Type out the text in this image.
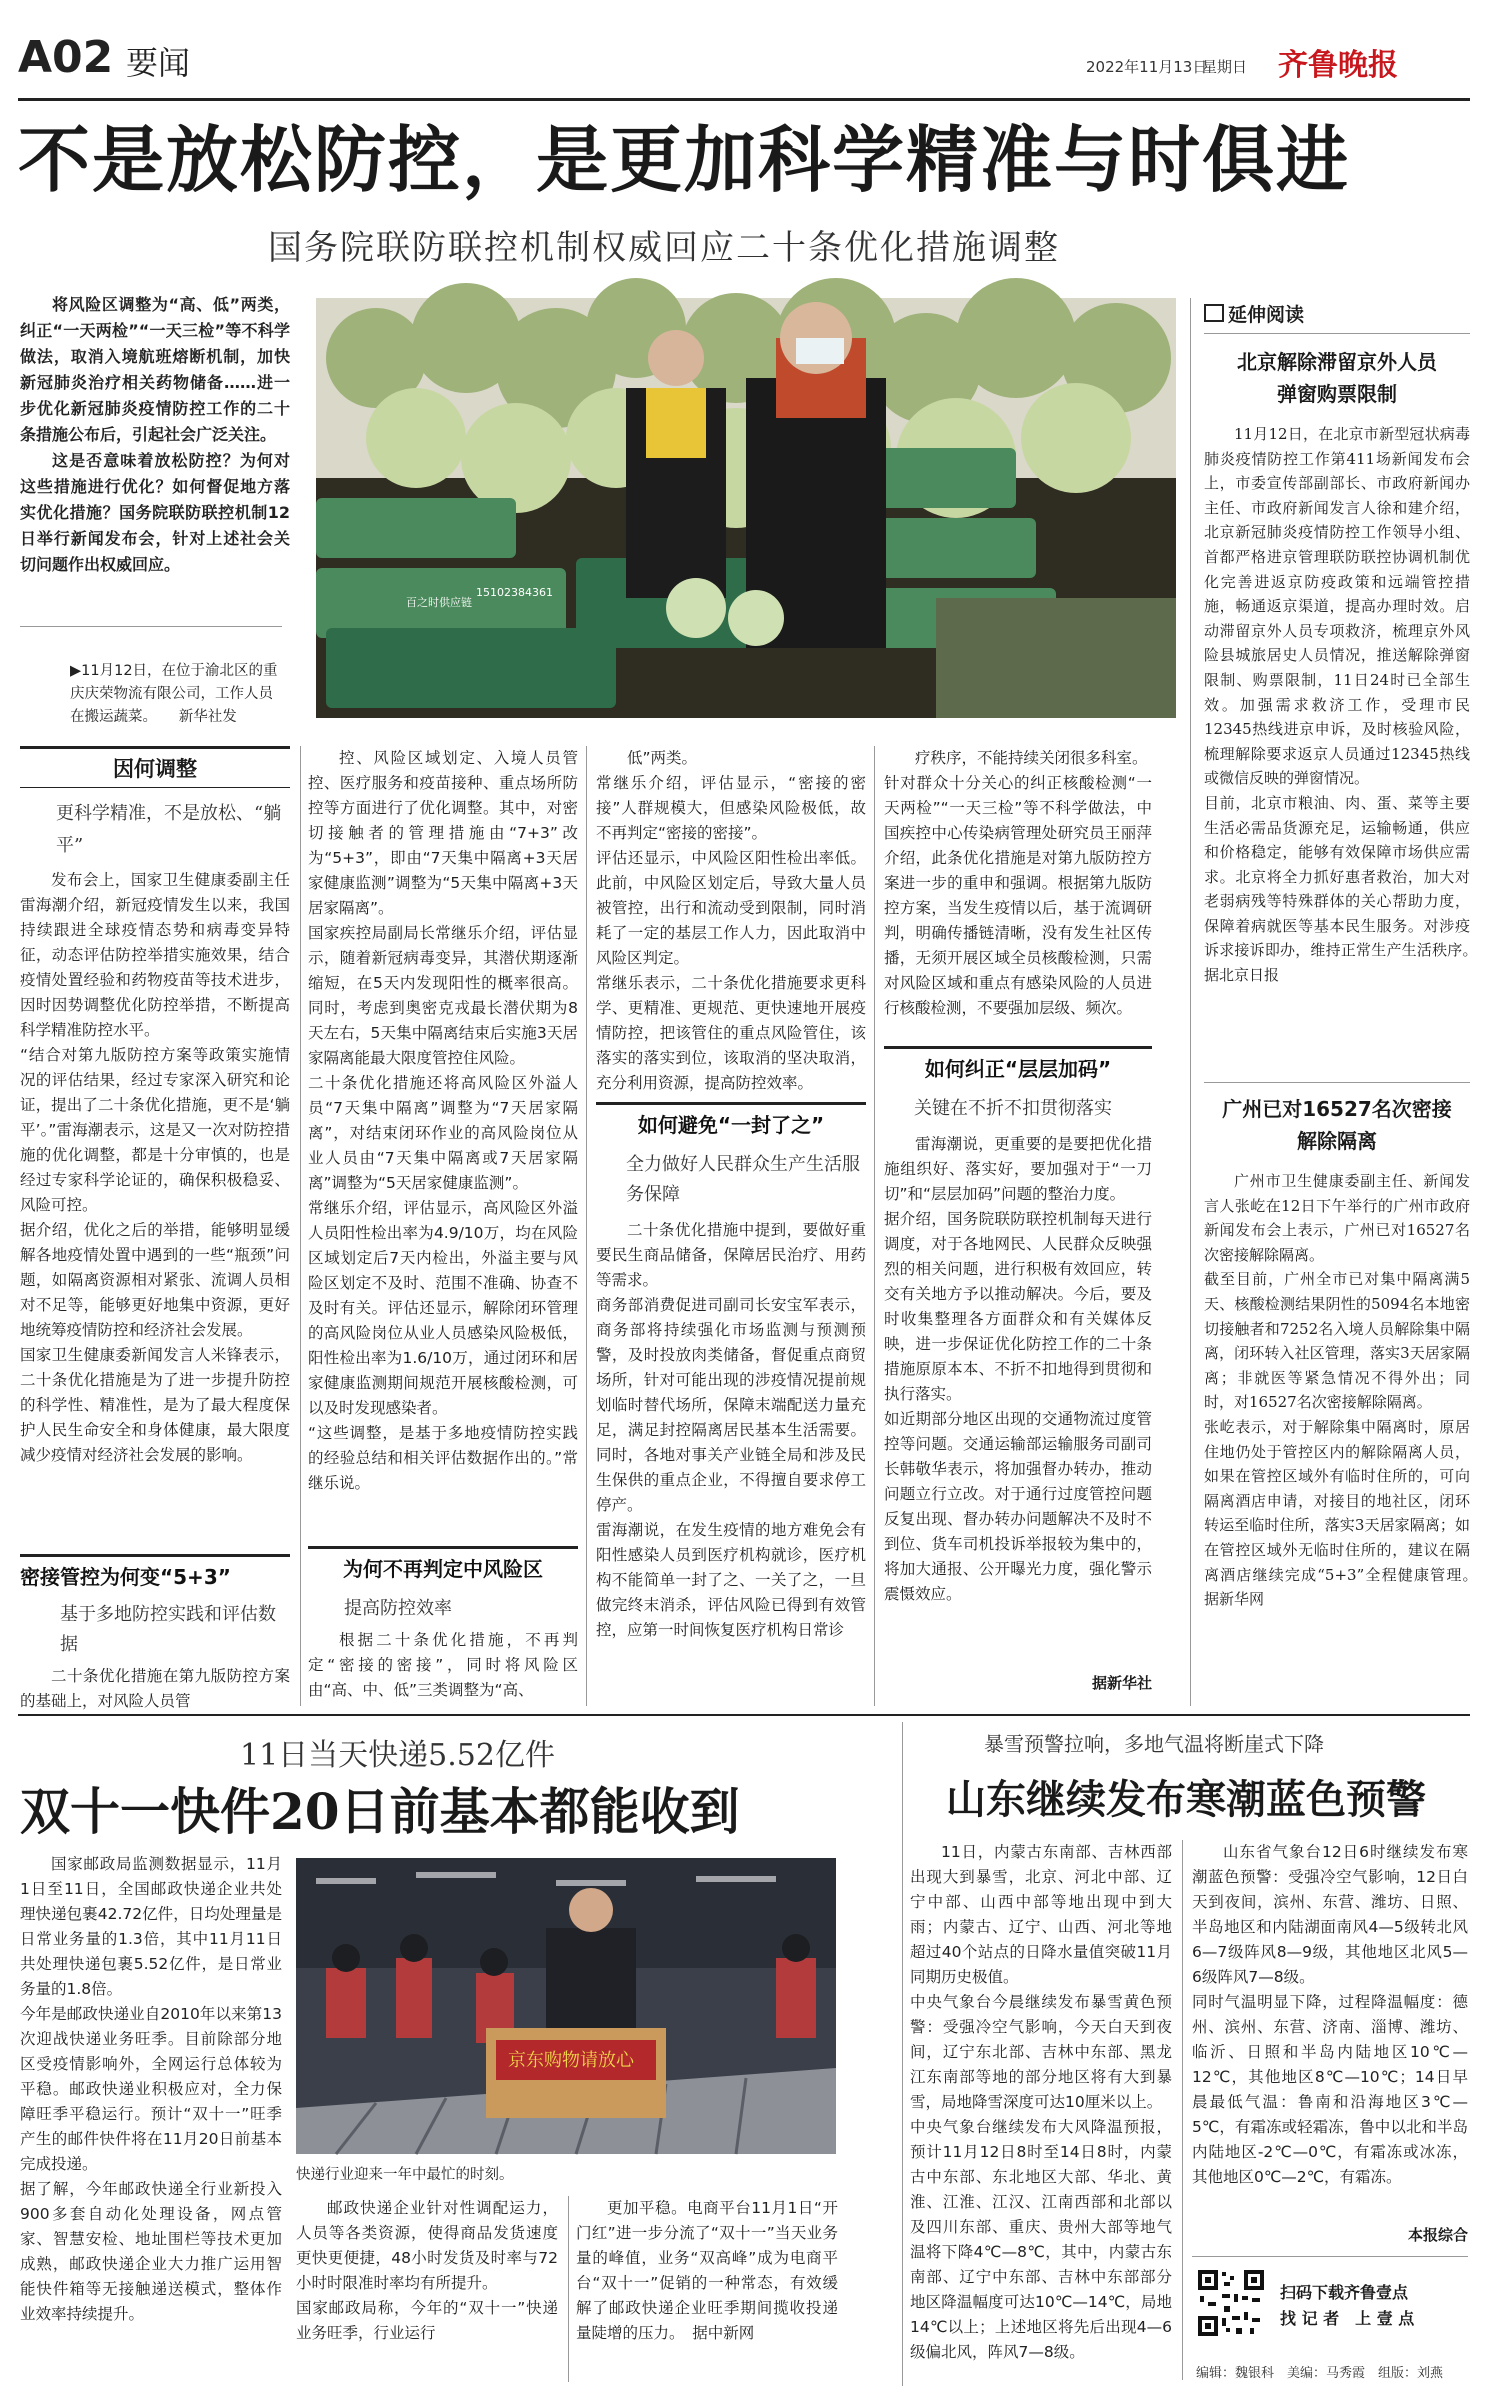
A02 要闻	2022年11月13日
星期日 齐鲁晚报
不是放松防控，是更加科学精准与时俱进
国务院联防联控机制权威回应二十条优化措施调整

将风险区调整为“高、低”两类，纠正“一天两检”“一天三检”等不科学做法，取消入境航班熔断机制，加快新冠肺炎治疗相关药物储备……进一步优化新冠肺炎疫情防控工作的二十条措施公布后，引起社会广泛关注。

这是否意味着放松防控？为何对这些措施进行优化？如何督促地方落实优化措施？国务院联防联控机制12日举行新闻发布会，针对上述社会关切问题作出权威回应。

▶11月12日，在位于渝北区的重庆庆荣物流有限公司，工作人员在搬运蔬菜。　　新华社发
百之时供应链
15102384361
因何调整
更科学精准，不是放松、“躺平”
发布会上，国家卫生健康委副主任雷海潮介绍，新冠疫情发生以来，我国持续跟进全球疫情态势和病毒变异特征，动态评估防控举措实施效果，结合疫情处置经验和药物疫苗等技术进步，因时因势调整优化防控举措，不断提高科学精准防控水平。
“结合对第九版防控方案等政策实施情况的评估结果，经过专家深入研究和论证，提出了二十条优化措施，更不是‘躺平’。”雷海潮表示，这是又一次对防控措施的优化调整，都是十分审慎的，也是经过专家科学论证的，确保积极稳妥、风险可控。
据介绍，优化之后的举措，能够明显缓解各地疫情处置中遇到的一些“瓶颈”问题，如隔离资源相对紧张、流调人员相对不足等，能够更好地集中资源，更好地统筹疫情防控和经济社会发展。
国家卫生健康委新闻发言人米锋表示，二十条优化措施是为了进一步提升防控的科学性、精准性，是为了最大程度保护人民生命安全和身体健康，最大限度减少疫情对经济社会发展的影响。
密接管控为何变“5+3”
基于多地防控实践和评估数据
二十条优化措施在第九版防控方案的基础上，对风险人员管
控、风险区域划定、入境人员管控、医疗服务和疫苗接种、重点场所防控等方面进行了优化调整。其中，对密切接触者的管理措施由“7+3”改为“5+3”，即由“7天集中隔离+3天居家健康监测”调整为“5天集中隔离+3天居家隔离”。
国家疾控局副局长常继乐介绍，评估显示，随着新冠病毒变异，其潜伏期逐渐缩短，在5天内发现阳性的概率很高。同时，考虑到奥密克戎最长潜伏期为8天左右，5天集中隔离结束后实施3天居家隔离能最大限度管控住风险。
二十条优化措施还将高风险区外溢人员“7天集中隔离”调整为“7天居家隔离”，对结束闭环作业的高风险岗位从业人员由“7天集中隔离或7天居家隔离”调整为“5天居家健康监测”。
常继乐介绍，评估显示，高风险区外溢人员阳性检出率为4.9/10万，均在风险区域划定后7天内检出，外溢主要与风险区划定不及时、范围不准确、协查不及时有关。评估还显示，解除闭环管理的高风险岗位从业人员感染风险极低，阳性检出率为1.6/10万，通过闭环和居家健康监测期间规范开展核酸检测，可以及时发现感染者。
“这些调整，是基于多地疫情防控实践的经验总结和相关评估数据作出的。”常继乐说。
为何不再判定中风险区
提高防控效率
根据二十条优化措施，不再判定“密接的密接”，同时将风险区由“高、中、低”三类调整为“高、
低”两类。
常继乐介绍，评估显示，“密接的密接”人群规模大，但感染风险极低，故不再判定“密接的密接”。
评估还显示，中风险区阳性检出率低。此前，中风险区划定后，导致大量人员被管控，出行和流动受到限制，同时消耗了一定的基层工作人力，因此取消中风险区判定。
常继乐表示，二十条优化措施要求更科学、更精准、更规范、更快速地开展疫情防控，把该管住的重点风险管住，该落实的落实到位，该取消的坚决取消，充分利用资源，提高防控效率。
如何避免“一封了之”
全力做好人民群众生产生活服务保障
二十条优化措施中提到，要做好重要民生商品储备，保障居民治疗、用药等需求。
商务部消费促进司副司长安宝军表示，商务部将持续强化市场监测与预测预警，及时投放肉类储备，督促重点商贸场所，针对可能出现的涉疫情况提前规划临时替代场所，保障末端配送力量充足，满足封控隔离居民基本生活需要。同时，各地对事关产业链全局和涉及民生保供的重点企业，不得擅自要求停工停产。
雷海潮说，在发生疫情的地方难免会有阳性感染人员到医疗机构就诊，医疗机构不能简单一封了之、一关了之，一旦做完终末消杀，评估风险已得到有效管控，应第一时间恢复医疗机构日常诊
疗秩序，不能持续关闭很多科室。
针对群众十分关心的纠正核酸检测“一天两检”“一天三检”等不科学做法，中国疾控中心传染病管理处研究员王丽萍介绍，此条优化措施是对第九版防控方案进一步的重申和强调。根据第九版防控方案，当发生疫情以后，基于流调研判，明确传播链清晰，没有发生社区传播，无须开展区域全员核酸检测，只需对风险区域和重点有感染风险的人员进行核酸检测，不要强加层级、频次。
如何纠正“层层加码”
关键在不折不扣贯彻落实
雷海潮说，更重要的是要把优化措施组织好、落实好，要加强对于“一刀切”和“层层加码”问题的整治力度。
据介绍，国务院联防联控机制每天进行调度，对于各地网民、人民群众反映强烈的相关问题，进行积极有效回应，转交有关地方予以推动解决。今后，要及时收集整理各方面群众和有关媒体反映，进一步保证优化防控工作的二十条措施原原本本、不折不扣地得到贯彻和执行落实。
如近期部分地区出现的交通物流过度管控等问题。交通运输部运输服务司副司长韩敬华表示，将加强督办转办，推动问题立行立改。对于通行过度管控问题反复出现、督办转办问题解决不及时不到位、货车司机投诉举报较为集中的，将加大通报、公开曝光力度，强化警示震慑效应。
据新华社
延伸阅读
北京解除滞留京外人员
弹窗购票限制
11月12日，在北京市新型冠状病毒肺炎疫情防控工作第411场新闻发布会上，市委宣传部副部长、市政府新闻办主任、市政府新闻发言人徐和建介绍，北京新冠肺炎疫情防控工作领导小组、首都严格进京管理联防联控协调机制优化完善进返京防疫政策和远端管控措施，畅通返京渠道，提高办理时效。启动滞留京外人员专项救济，梳理京外风险县城旅居史人员情况，推送解除弹窗限制、购票限制，11日24时已全部生效。加强需求救济工作，受理市民12345热线进京申诉，及时核验风险，梳理解除要求返京人员通过12345热线或微信反映的弹窗情况。
目前，北京市粮油、肉、蛋、菜等主要生活必需品货源充足，运输畅通，供应和价格稳定，能够有效保障市场供应需求。北京将全力抓好惠者救治，加大对老弱病残等特殊群体的关心帮助力度，保障着病就医等基本民生服务。对涉疫诉求接诉即办，维持正常生产生活秩序。　据北京日报
广州已对16527名次密接
解除隔离
广州市卫生健康委副主任、新闻发言人张屹在12日下午举行的广州市政府新闻发布会上表示，广州已对16527名次密接解除隔离。
截至目前，广州全市已对集中隔离满5天、核酸检测结果阴性的5094名本地密切接触者和7252名入境人员解除集中隔离，闭环转入社区管理，落实3天居家隔离；非就医等紧急情况不得外出；同时，对16527名次密接解除隔离。
张屹表示，对于解除集中隔离时，原居住地仍处于管控区内的解除隔离人员，如果在管控区域外有临时住所的，可向隔离酒店申请，对接目的地社区，闭环转运至临时住所，落实3天居家隔离；如在管控区域外无临时住所的，建议在隔离酒店继续完成“5+3”全程健康管理。　据新华网
11日当天快递5.52亿件
双十一快件20日前基本都能收到
国家邮政局监测数据显示，11月1日至11日，全国邮政快递企业共处理快递包裹42.72亿件，日均处理量是日常业务量的1.3倍，其中11月11日共处理快递包裹5.52亿件，是日常业务量的1.8倍。
今年是邮政快递业自2010年以来第13次迎战快递业务旺季。目前除部分地区受疫情影响外，全网运行总体较为平稳。邮政快递业积极应对，全力保障旺季平稳运行。预计“双十一”旺季产生的邮件快件将在11月20日前基本完成投递。
据了解，今年邮政快递全行业新投入900多套自动化处理设备，网点管家、智慧安检、地址围栏等技术更加成熟，邮政快递企业大力推广运用智能快件箱等无接触递送模式，整体作业效率持续提升。
京东购物请放心
快递行业迎来一年中最忙的时刻。
邮政快递企业针对性调配运力，人员等各类资源，使得商品发货速度更快更便捷，48小时发货及时率与72小时时限准时率均有所提升。
国家邮政局称，今年的“双十一”快递业务旺季，行业运行
更加平稳。电商平台11月1日“开门红”进一步分流了“双十一”当天业务量的峰值，业务“双高峰”成为电商平台“双十一”促销的一种常态，有效缓解了邮政快递企业旺季期间揽收投递量陡增的压力。　据中新网
暴雪预警拉响，多地气温将断崖式下降
山东继续发布寒潮蓝色预警
11日，内蒙古东南部、吉林西部出现大到暴雪，北京、河北中部、辽宁中部、山西中部等地出现中到大雨；内蒙古、辽宁、山西、河北等地超过40个站点的日降水量值突破11月同期历史极值。
中央气象台今晨继续发布暴雪黄色预警：受强冷空气影响，今天白天到夜间，辽宁东北部、吉林中东部、黑龙江东南部等地的部分地区将有大到暴雪，局地降雪深度可达10厘米以上。
中央气象台继续发布大风降温预报，预计11月12日8时至14日8时，内蒙古中东部、东北地区大部、华北、黄淮、江淮、江汉、江南西部和北部以及四川东部、重庆、贵州大部等地气温将下降4℃—8℃，其中，内蒙古东南部、辽宁中东部、吉林中东部部分地区降温幅度可达10℃—14℃，局地14℃以上；上述地区将先后出现4—6级偏北风，阵风7—8级。
山东省气象台12日6时继续发布寒潮蓝色预警：受强冷空气影响，12日白天到夜间，滨州、东营、潍坊、日照、半岛地区和内陆湖面南风4—5级转北风6—7级阵风8—9级，其他地区北风5—6级阵风7—8级。
同时气温明显下降，过程降温幅度：德州、滨州、东营、济南、淄博、潍坊、临沂、日照和半岛内陆地区10℃—12℃，其他地区8℃—10℃；14日早晨最低气温：鲁南和沿海地区3℃—5℃，有霜冻或轻霜冻，鲁中以北和半岛内陆地区-2℃—0℃，有霜冻或冰冻，其他地区0℃—2℃，有霜冻。
本报综合
扫码下载齐鲁壹点
找 记 者　上 壹 点
编辑：魏银科　美编：马秀霞　组版：刘燕
